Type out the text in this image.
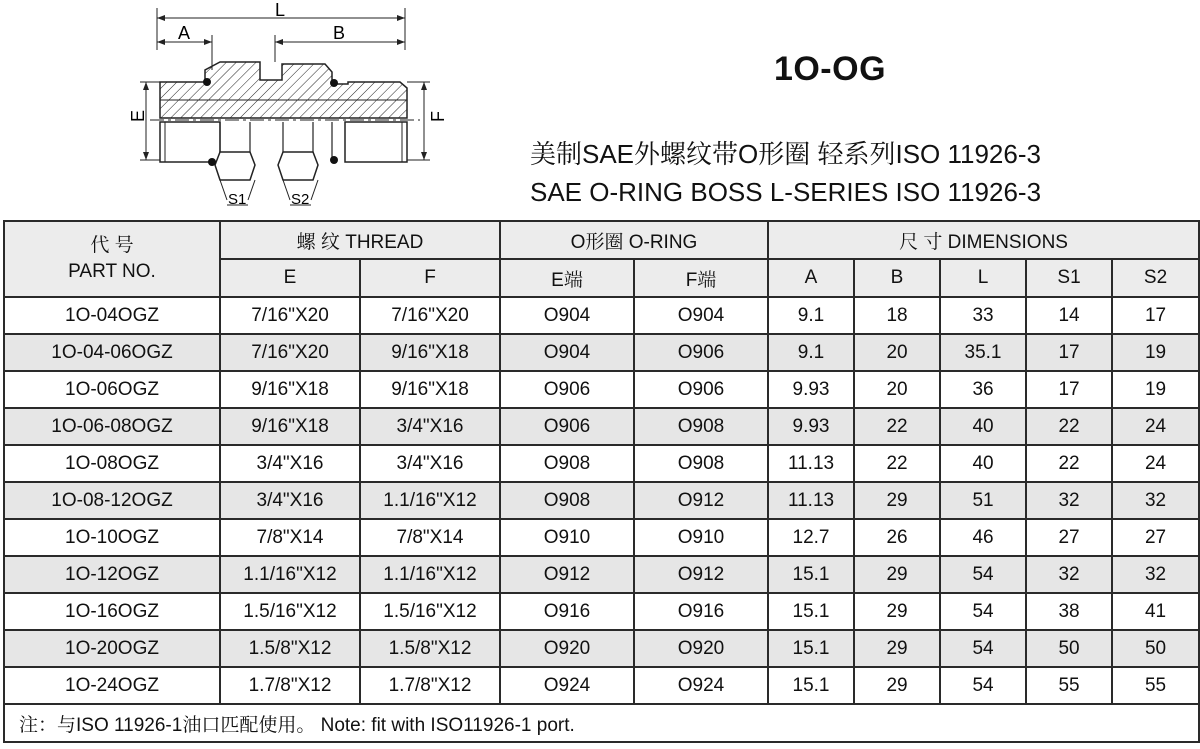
L
A	B
E	F
S1	S2
1O-OG
美制SAE外螺纹带O形圈 轻系列ISO 11926-3
SAE O-RING BOSS L-SERIES ISO 11926-3
代 号
PART NO.	螺 纹 THREAD		O形圈 O-RING		尺 寸 DIMENSIONS				
	E	F	E端	F端	A	B	L	S1	S2
1O-04OGZ	7/16"X20	7/16"X20	O904	O904	9.1	18	33	14	17
1O-04-06OGZ	7/16"X20	9/16"X18	O904	O906	9.1	20	35.1	17	19
1O-06OGZ	9/16"X18	9/16"X18	O906	O906	9.93	20	36	17	19
1O-06-08OGZ	9/16"X18	3/4"X16	O906	O908	9.93	22	40	22	24
1O-08OGZ	3/4"X16	3/4"X16	O908	O908	11.13	22	40	22	24
1O-08-12OGZ	3/4"X16	1.1/16"X12	O908	O912	11.13	29	51	32	32
1O-10OGZ	7/8"X14	7/8"X14	O910	O910	12.7	26	46	27	27
1O-12OGZ	1.1/16"X12	1.1/16"X12	O912	O912	15.1	29	54	32	32
1O-16OGZ	1.5/16"X12	1.5/16"X12	O916	O916	15.1	29	54	38	41
1O-20OGZ	1.5/8"X12	1.5/8"X12	O920	O920	15.1	29	54	50	50
1O-24OGZ	1.7/8"X12	1.7/8"X12	O924	O924	15.1	29	54	55	55
注：与ISO 11926-1油口匹配使用。 Note: fit with ISO11926-1 port.									
